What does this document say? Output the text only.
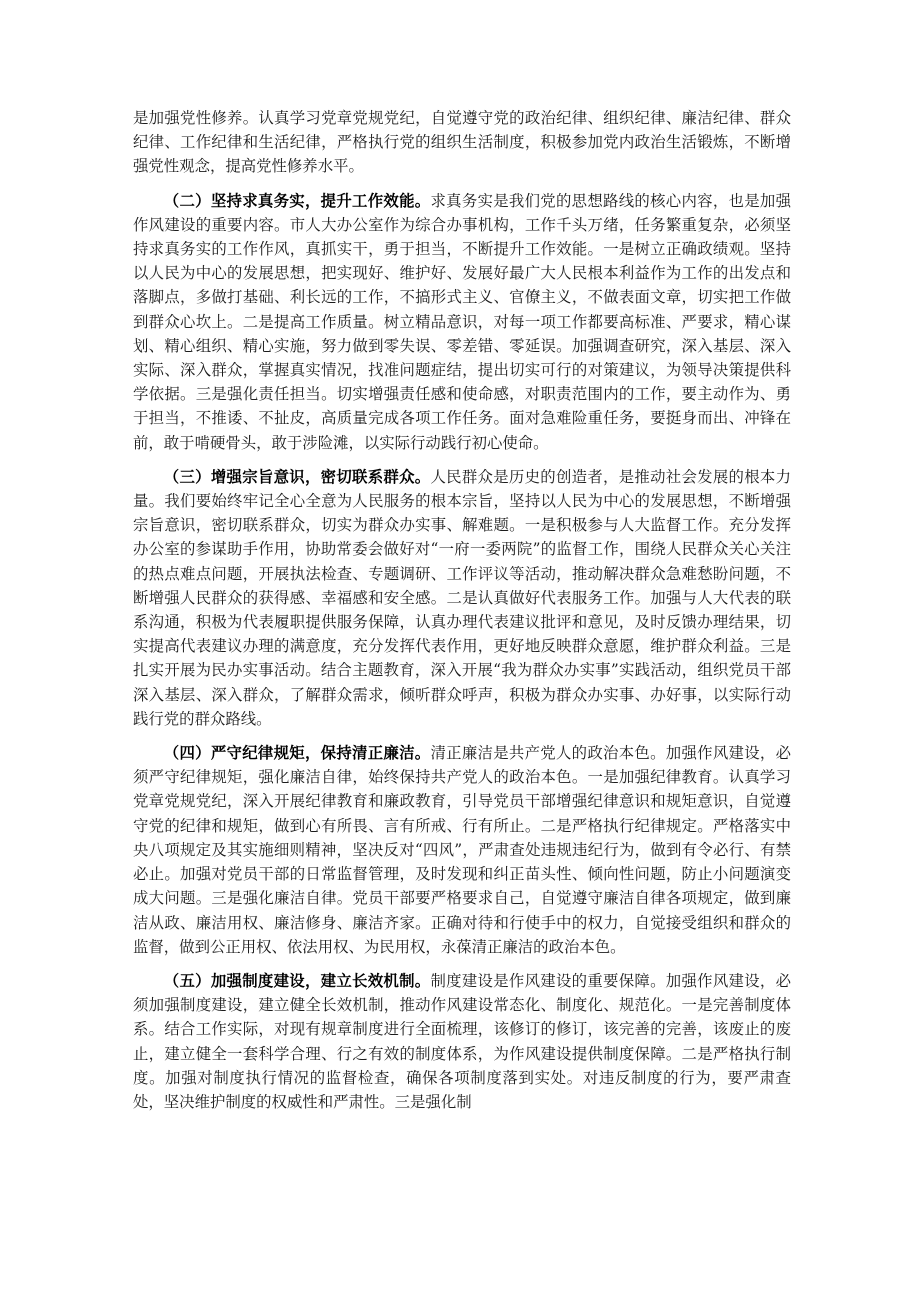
是加强党性修养。认真学习党章党规党纪，自觉遵守党的政治纪律、组织纪律、廉洁纪律、群众纪律、工作纪律和生活纪律，严格执行党的组织生活制度，积极参加党内政治生活锻炼，不断增强党性观念，提高党性修养水平。

（二）坚持求真务实，提升工作效能。求真务实是我们党的思想路线的核心内容，也是加强作风建设的重要内容。市人大办公室作为综合办事机构，工作千头万绪，任务繁重复杂，必须坚持求真务实的工作作风，真抓实干，勇于担当，不断提升工作效能。一是树立正确政绩观。坚持以人民为中心的发展思想，把实现好、维护好、发展好最广大人民根本利益作为工作的出发点和落脚点，多做打基础、利长远的工作，不搞形式主义、官僚主义，不做表面文章，切实把工作做到群众心坎上。二是提高工作质量。树立精品意识，对每一项工作都要高标准、严要求，精心谋划、精心组织、精心实施，努力做到零失误、零差错、零延误。加强调查研究，深入基层、深入实际、深入群众，掌握真实情况，找准问题症结，提出切实可行的对策建议，为领导决策提供科学依据。三是强化责任担当。切实增强责任感和使命感，对职责范围内的工作，要主动作为、勇于担当，不推诿、不扯皮，高质量完成各项工作任务。面对急难险重任务，要挺身而出、冲锋在前，敢于啃硬骨头，敢于涉险滩，以实际行动践行初心使命。

（三）增强宗旨意识，密切联系群众。人民群众是历史的创造者，是推动社会发展的根本力量。我们要始终牢记全心全意为人民服务的根本宗旨，坚持以人民为中心的发展思想，不断增强宗旨意识，密切联系群众，切实为群众办实事、解难题。一是积极参与人大监督工作。充分发挥办公室的参谋助手作用，协助常委会做好对“一府一委两院”的监督工作，围绕人民群众关心关注的热点难点问题，开展执法检查、专题调研、工作评议等活动，推动解决群众急难愁盼问题，不断增强人民群众的获得感、幸福感和安全感。二是认真做好代表服务工作。加强与人大代表的联系沟通，积极为代表履职提供服务保障，认真办理代表建议批评和意见，及时反馈办理结果，切实提高代表建议办理的满意度，充分发挥代表作用，更好地反映群众意愿，维护群众利益。三是扎实开展为民办实事活动。结合主题教育，深入开展“我为群众办实事”实践活动，组织党员干部深入基层、深入群众，了解群众需求，倾听群众呼声，积极为群众办实事、办好事，以实际行动践行党的群众路线。

（四）严守纪律规矩，保持清正廉洁。清正廉洁是共产党人的政治本色。加强作风建设，必须严守纪律规矩，强化廉洁自律，始终保持共产党人的政治本色。一是加强纪律教育。认真学习党章党规党纪，深入开展纪律教育和廉政教育，引导党员干部增强纪律意识和规矩意识，自觉遵守党的纪律和规矩，做到心有所畏、言有所戒、行有所止。二是严格执行纪律规定。严格落实中央八项规定及其实施细则精神，坚决反对“四风”，严肃查处违规违纪行为，做到有令必行、有禁必止。加强对党员干部的日常监督管理，及时发现和纠正苗头性、倾向性问题，防止小问题演变成大问题。三是强化廉洁自律。党员干部要严格要求自己，自觉遵守廉洁自律各项规定，做到廉洁从政、廉洁用权、廉洁修身、廉洁齐家。正确对待和行使手中的权力，自觉接受组织和群众的监督，做到公正用权、依法用权、为民用权，永葆清正廉洁的政治本色。

（五）加强制度建设，建立长效机制。制度建设是作风建设的重要保障。加强作风建设，必须加强制度建设，建立健全长效机制，推动作风建设常态化、制度化、规范化。一是完善制度体系。结合工作实际，对现有规章制度进行全面梳理，该修订的修订，该完善的完善，该废止的废止，建立健全一套科学合理、行之有效的制度体系，为作风建设提供制度保障。二是严格执行制度。加强对制度执行情况的监督检查，确保各项制度落到实处。对违反制度的行为，要严肃查处，坚决维护制度的权威性和严肃性。三是强化制
